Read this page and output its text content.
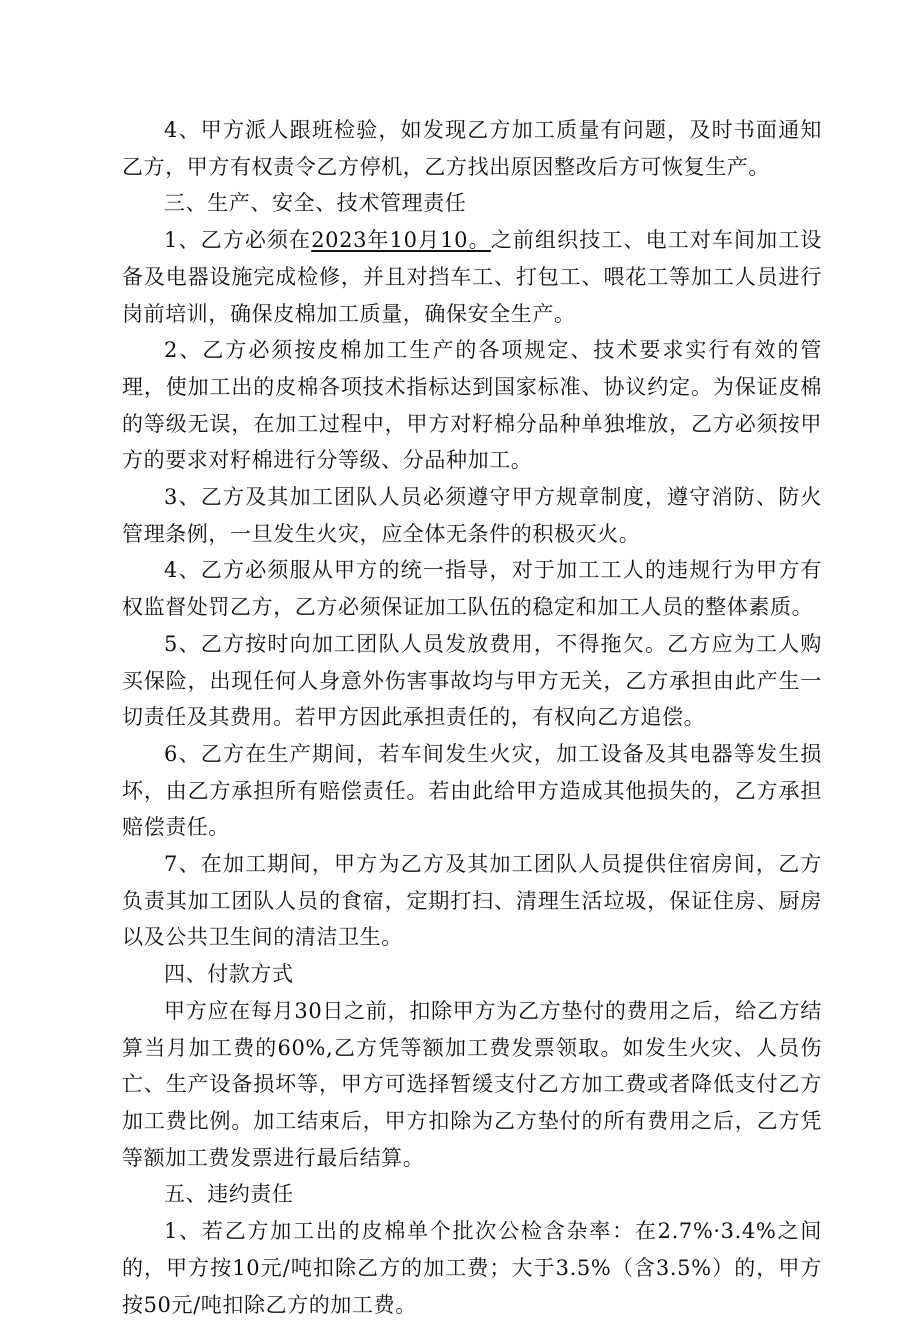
4、甲方派人跟班检验，如发现乙方加工质量有问题，及时书面通知乙方，甲方有权责令乙方停机，乙方找出原因整改后方可恢复生产。

三、生产、安全、技术管理责任

1、乙方必须在2023年10月10。之前组织技工、电工对车间加工设备及电器设施完成检修，并且对挡车工、打包工、喂花工等加工人员进行岗前培训，确保皮棉加工质量，确保安全生产。

2、乙方必须按皮棉加工生产的各项规定、技术要求实行有效的管理，使加工出的皮棉各项技术指标达到国家标准、协议约定。为保证皮棉的等级无误，在加工过程中，甲方对籽棉分品种单独堆放，乙方必须按甲方的要求对籽棉进行分等级、分品种加工。

3、乙方及其加工团队人员必须遵守甲方规章制度，遵守消防、防火管理条例，一旦发生火灾，应全体无条件的积极灭火。

4、乙方必须服从甲方的统一指导，对于加工工人的违规行为甲方有权监督处罚乙方，乙方必须保证加工队伍的稳定和加工人员的整体素质。

5、乙方按时向加工团队人员发放费用，不得拖欠。乙方应为工人购买保险，出现任何人身意外伤害事故均与甲方无关，乙方承担由此产生一切责任及其费用。若甲方因此承担责任的，有权向乙方追偿。

6、乙方在生产期间，若车间发生火灾，加工设备及其电器等发生损坏，由乙方承担所有赔偿责任。若由此给甲方造成其他损失的，乙方承担赔偿责任。

7、在加工期间，甲方为乙方及其加工团队人员提供住宿房间，乙方负责其加工团队人员的食宿，定期打扫、清理生活垃圾，保证住房、厨房以及公共卫生间的清洁卫生。

四、付款方式

甲方应在每月30日之前，扣除甲方为乙方垫付的费用之后，给乙方结算当月加工费的60%,乙方凭等额加工费发票领取。如发生火灾、人员伤亡、生产设备损坏等，甲方可选择暂缓支付乙方加工费或者降低支付乙方加工费比例。加工结束后，甲方扣除为乙方垫付的所有费用之后，乙方凭等额加工费发票进行最后结算。

五、违约责任

1、若乙方加工出的皮棉单个批次公检含杂率：在2.7%·3.4%之间的，甲方按10元/吨扣除乙方的加工费；大于3.5%（含3.5%）的，甲方按50元/吨扣除乙方的加工费。
